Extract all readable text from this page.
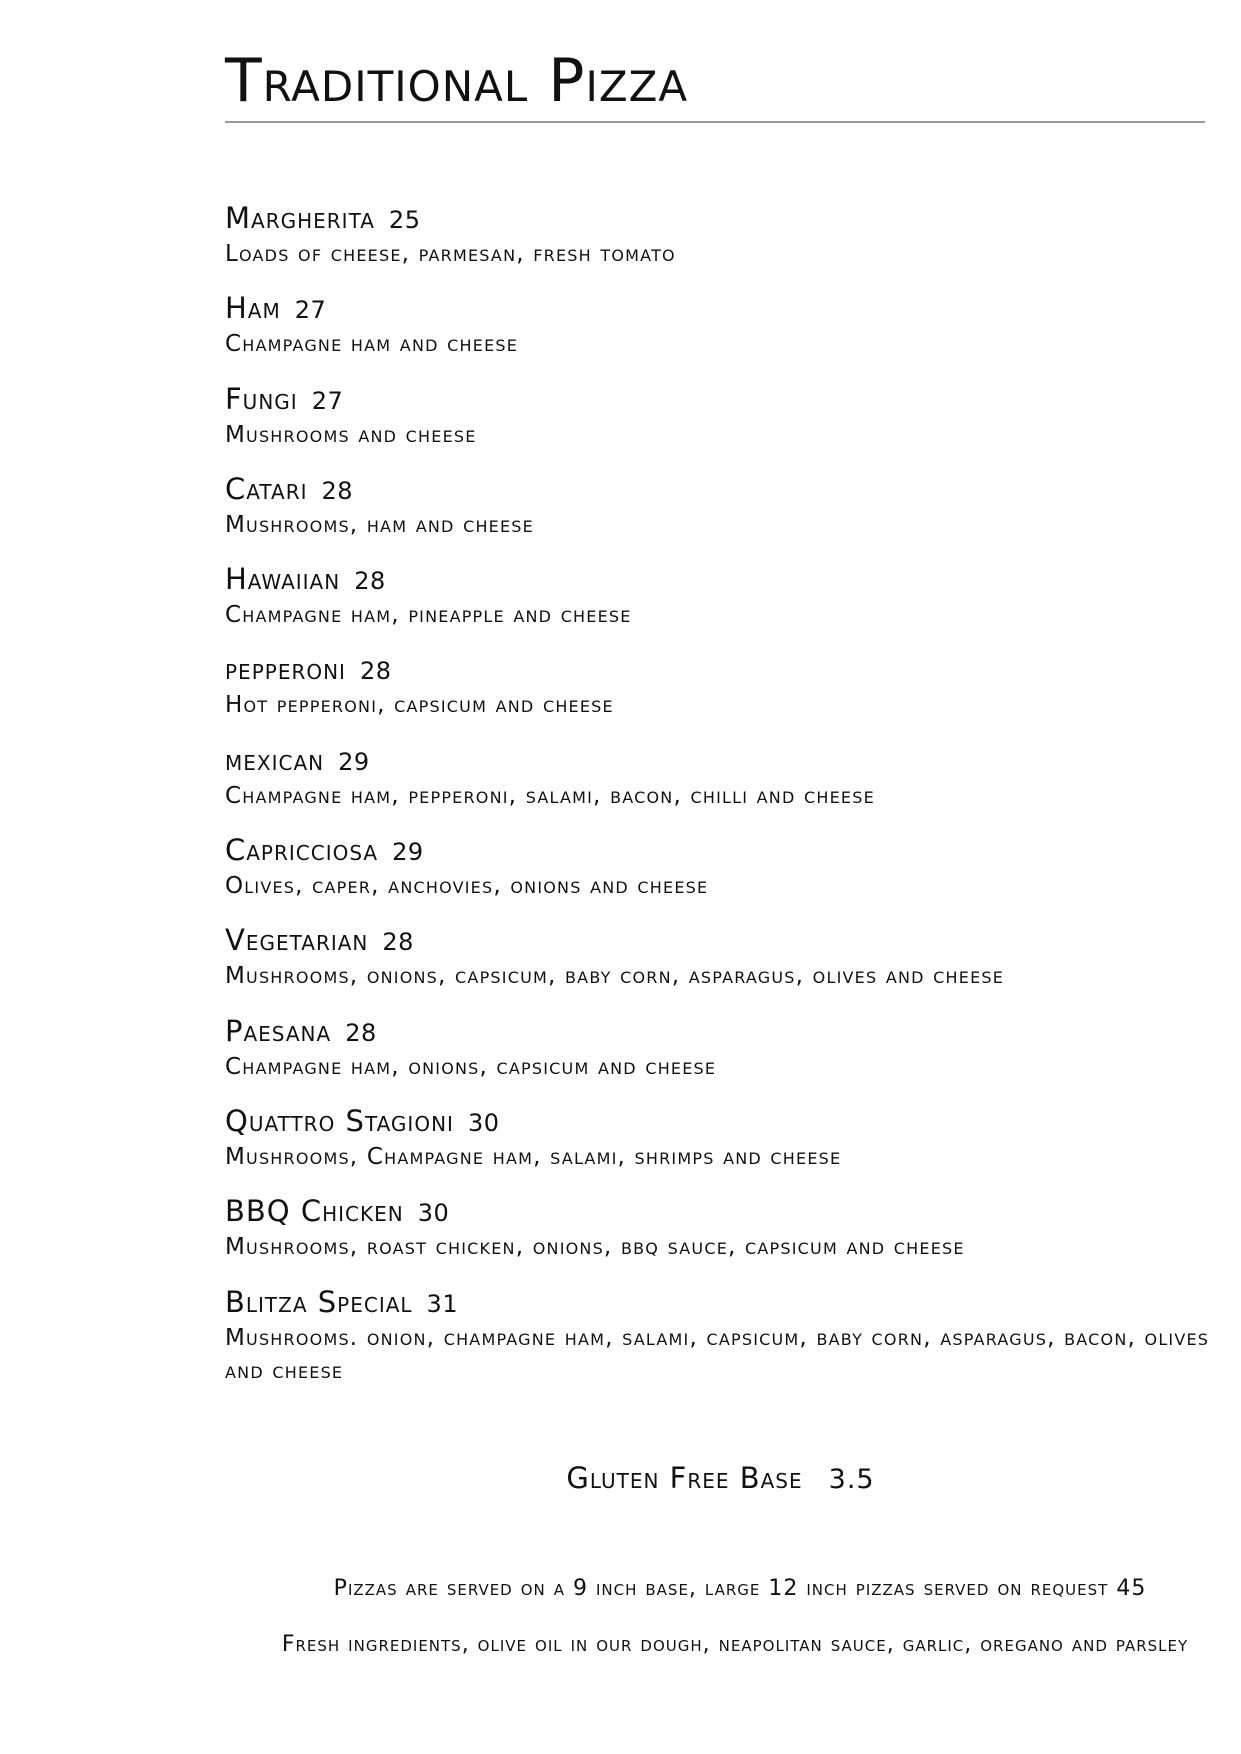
Traditional Pizza
Margherita 25
Loads of cheese, parmesan, fresh tomato
Ham 27
Champagne ham and cheese
Fungi 27
Mushrooms and cheese
Catari 28
Mushrooms, ham and cheese
Hawaiian 28
Champagne ham, pineapple and cheese
pepperoni 28
Hot pepperoni, capsicum and cheese
mexican 29
Champagne ham, pepperoni, salami, bacon, chilli and cheese
Capricciosa 29
Olives, caper, anchovies, onions and cheese
Vegetarian 28
Mushrooms, onions, capsicum, baby corn, asparagus, olives and cheese
Paesana 28
Champagne ham, onions, capsicum and cheese
Quattro Stagioni 30
Mushrooms, Champagne ham, salami, shrimps and cheese
BBQ Chicken 30
Mushrooms, roast chicken, onions, bbq sauce, capsicum and cheese
Blitza Special 31
Mushrooms. onion, champagne ham, salami, capsicum, baby corn, asparagus, bacon, olives and cheese
Gluten Free Base 3.5
Pizzas are served on a 9 inch base, large 12 inch pizzas served on request 45
Fresh ingredients, olive oil in our dough, neapolitan sauce, garlic, oregano and parsley
